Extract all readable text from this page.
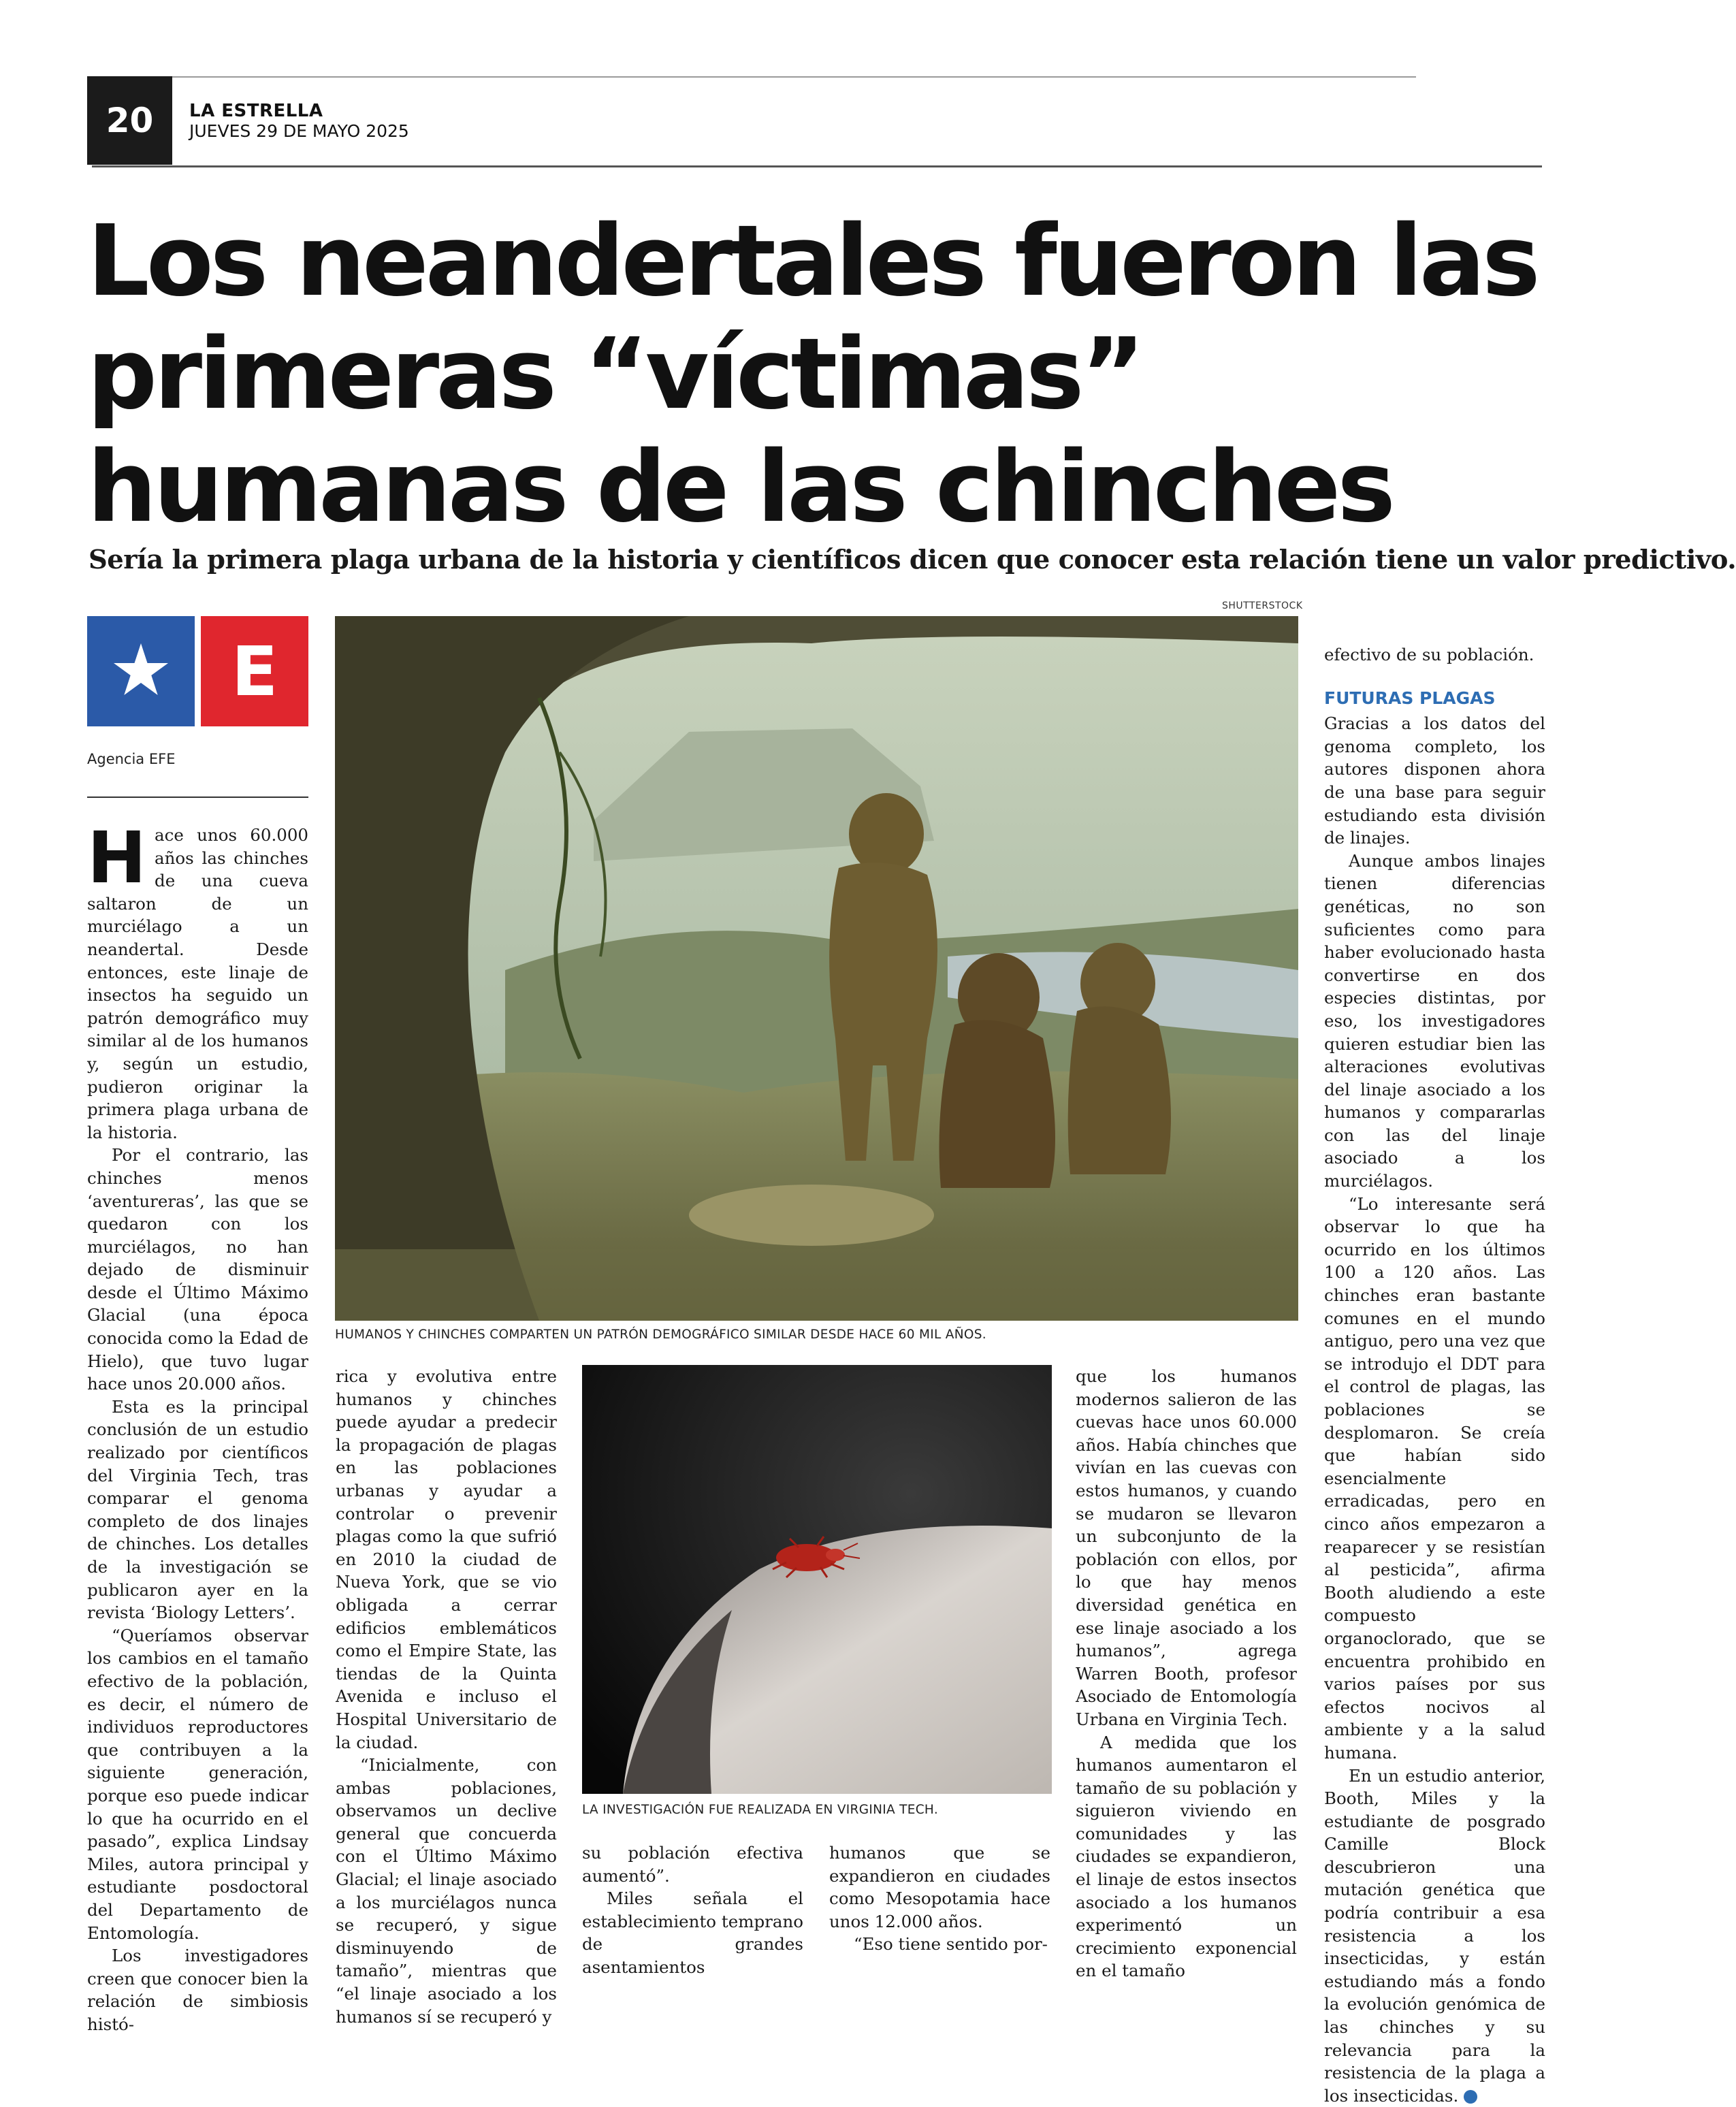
20	LA ESTRELLA
JUEVES 29 DE MAYO 2025
Los neandertales fueron las primeras “víctimas” humanas de las chinches
Sería la primera plaga urbana de la historia y científicos dicen que conocer esta relación tiene un valor predictivo.
E
Agencia EFE
SHUTTERSTOCK
HUMANOS Y CHINCHES COMPARTEN UN PATRÓN DEMOGRÁFICO SIMILAR DESDE HACE 60 MIL AÑOS.
LA INVESTIGACIÓN FUE REALIZADA EN VIRGINIA TECH.

Hace unos 60.000 años las chinches de una cueva saltaron de un murciélago a un neandertal. Desde entonces, este linaje de insectos ha seguido un patrón demográfico muy similar al de los humanos y, según un estudio, pudieron originar la primera plaga urbana de la historia.

Por el contrario, las chinches menos ‘aventureras’, las que se quedaron con los murciélagos, no han dejado de disminuir desde el Último Máximo Glacial (una época conocida como la Edad de Hielo), que tuvo lugar hace unos 20.000 años.

Esta es la principal conclusión de un estudio realizado por científicos del Virginia Tech, tras comparar el genoma completo de dos linajes de chinches. Los detalles de la investigación se publicaron ayer en la revista ‘Biology Letters’.

“Queríamos observar los cambios en el tamaño efectivo de la población, es decir, el número de individuos reproductores que contribuyen a la siguiente generación, porque eso puede indicar lo que ha ocurrido en el pasado”, explica Lindsay Miles, autora principal y estudiante posdoctoral del Departamento de Entomología.

Los investigadores creen que conocer bien la relación de simbiosis histó-

rica y evolutiva entre humanos y chinches puede ayudar a predecir la propagación de plagas en las poblaciones urbanas y ayudar a controlar o prevenir plagas como la que sufrió en 2010 la ciudad de Nueva York, que se vio obligada a cerrar edificios emblemáticos como el Empire State, las tiendas de la Quinta Avenida e incluso el Hospital Universitario de la ciudad.

“Inicialmente, con ambas poblaciones, observamos un declive general que concuerda con el Último Máximo Glacial; el linaje asociado a los murciélagos nunca se recuperó, y sigue disminuyendo de tamaño”, mientras que “el linaje asociado a los humanos sí se recuperó y

su población efectiva aumentó”.

Miles señala el establecimiento temprano de grandes asentamientos

humanos que se expandieron en ciudades como Mesopotamia hace unos 12.000 años.

“Eso tiene sentido por-

que los humanos modernos salieron de las cuevas hace unos 60.000 años. Había chinches que vivían en las cuevas con estos humanos, y cuando se mudaron se llevaron un subconjunto de la población con ellos, por lo que hay menos diversidad genética en ese linaje asociado a los humanos”, agrega Warren Booth, profesor Asociado de Entomología Urbana en Virginia Tech.

A medida que los humanos aumentaron el tamaño de su población y siguieron viviendo en comunidades y las ciudades se expandieron, el linaje de estos insectos asociado a los humanos experimentó un crecimiento exponencial en el tamaño

efectivo de su población.

FUTURAS PLAGAS

Gracias a los datos del genoma completo, los autores disponen ahora de una base para seguir estudiando esta división de linajes.

Aunque ambos linajes tienen diferencias genéticas, no son suficientes como para haber evolucionado hasta convertirse en dos especies distintas, por eso, los investigadores quieren estudiar bien las alteraciones evolutivas del linaje asociado a los humanos y compararlas con las del linaje asociado a los murciélagos.

“Lo interesante será observar lo que ha ocurrido en los últimos 100 a 120 años. Las chinches eran bastante comunes en el mundo antiguo, pero una vez que se introdujo el DDT para el control de plagas, las poblaciones se desplomaron. Se creía que habían sido esencialmente erradicadas, pero en cinco años empezaron a reaparecer y se resistían al pesticida”, afirma Booth aludiendo a este compuesto organoclorado, que se encuentra prohibido en varios países por sus efectos nocivos al ambiente y a la salud humana.

En un estudio anterior, Booth, Miles y la estudiante de posgrado Camille Block descubrieron una mutación genética que podría contribuir a esa resistencia a los insecticidas, y están estudiando más a fondo la evolución genómica de las chinches y su relevancia para la resistencia de la plaga a los insecticidas.	✪
